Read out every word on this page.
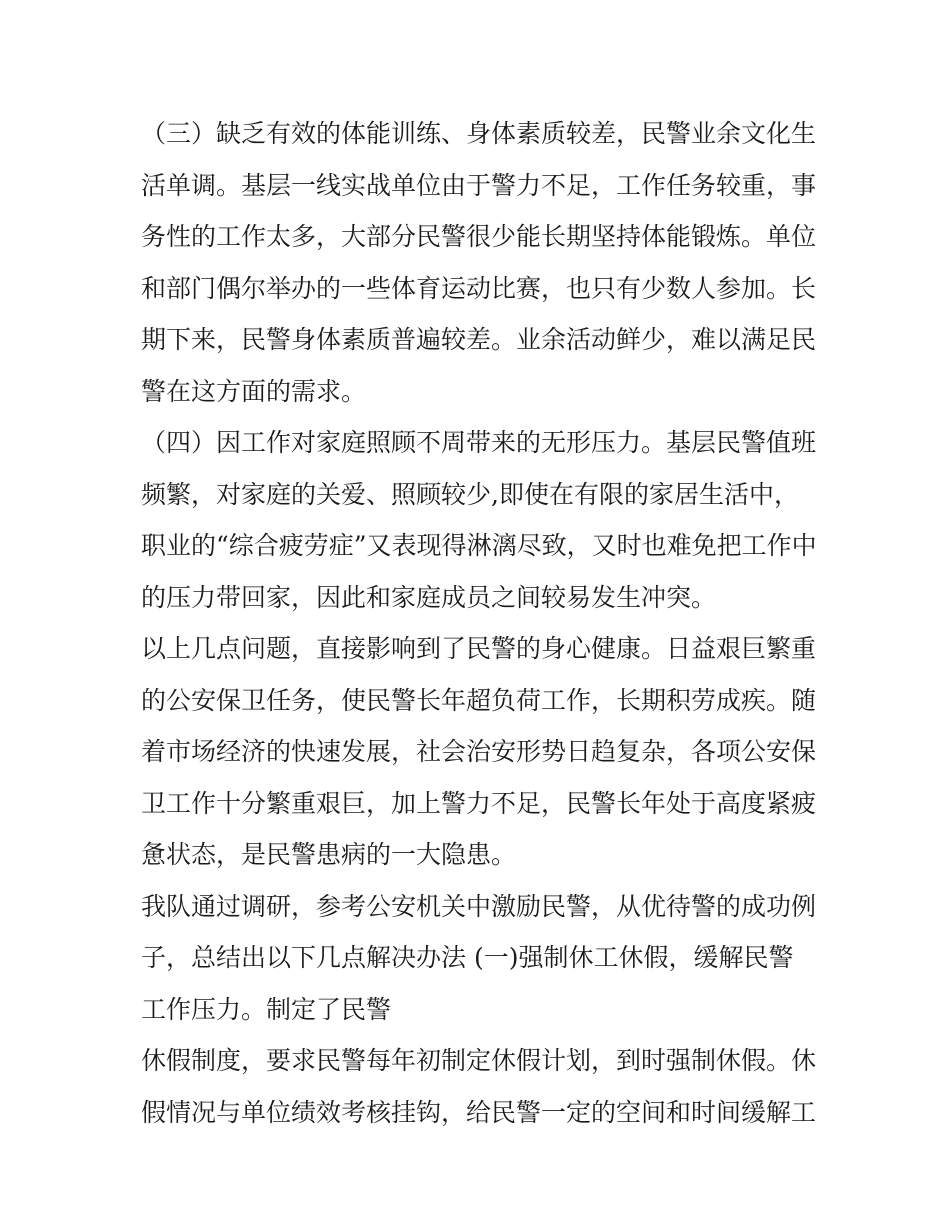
（三）缺乏有效的体能训练、身体素质较差，民警业余文化生

活单调。基层一线实战单位由于警力不足，工作任务较重，事

务性的工作太多，大部分民警很少能长期坚持体能锻炼。单位

和部门偶尔举办的一些体育运动比赛，也只有少数人参加。长

期下来，民警身体素质普遍较差。业余活动鲜少，难以满足民

警在这方面的需求。

（四）因工作对家庭照顾不周带来的无形压力。基层民警值班

频繁，对家庭的关爱、照顾较少,即使在有限的家居生活中，

职业的“综合疲劳症”又表现得淋漓尽致，又时也难免把工作中

的压力带回家，因此和家庭成员之间较易发生冲突。

以上几点问题，直接影响到了民警的身心健康。日益艰巨繁重

的公安保卫任务，使民警长年超负荷工作，长期积劳成疾。随

着市场经济的快速发展，社会治安形势日趋复杂，各项公安保

卫工作十分繁重艰巨，加上警力不足，民警长年处于高度紧疲

惫状态，是民警患病的一大隐患。

我队通过调研，参考公安机关中激励民警，从优待警的成功例

子，总结出以下几点解决办法 (一)强制休工休假，缓解民警

工作压力。制定了民警

休假制度，要求民警每年初制定休假计划，到时强制休假。休

假情况与单位绩效考核挂钩，给民警一定的空间和时间缓解工
